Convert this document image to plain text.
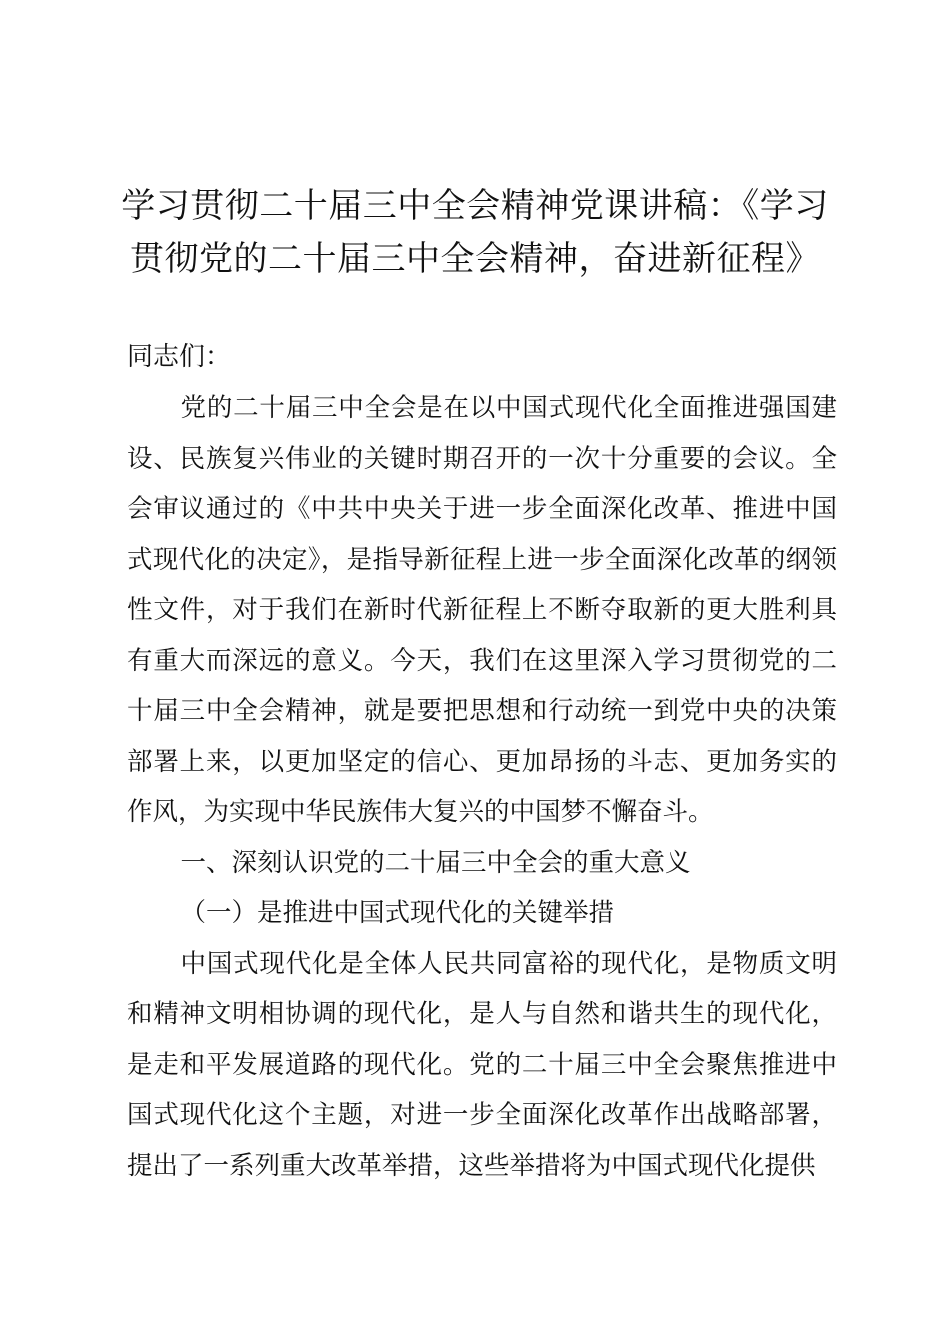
学习贯彻二十届三中全会精神党课讲稿：《学习贯彻党的二十届三中全会精神，奋进新征程》

同志们：

党的二十届三中全会是在以中国式现代化全面推进强国建设、民族复兴伟业的关键时期召开的一次十分重要的会议。全会审议通过的《中共中央关于进一步全面深化改革、推进中国式现代化的决定》，是指导新征程上进一步全面深化改革的纲领性文件，对于我们在新时代新征程上不断夺取新的更大胜利具有重大而深远的意义。今天，我们在这里深入学习贯彻党的二十届三中全会精神，就是要把思想和行动统一到党中央的决策部署上来，以更加坚定的信心、更加昂扬的斗志、更加务实的作风，为实现中华民族伟大复兴的中国梦不懈奋斗。

一、深刻认识党的二十届三中全会的重大意义

（一）是推进中国式现代化的关键举措

中国式现代化是全体人民共同富裕的现代化，是物质文明和精神文明相协调的现代化，是人与自然和谐共生的现代化，是走和平发展道路的现代化。党的二十届三中全会聚焦推进中国式现代化这个主题，对进一步全面深化改革作出战略部署，提出了一系列重大改革举措，这些举措将为中国式现代化提供
